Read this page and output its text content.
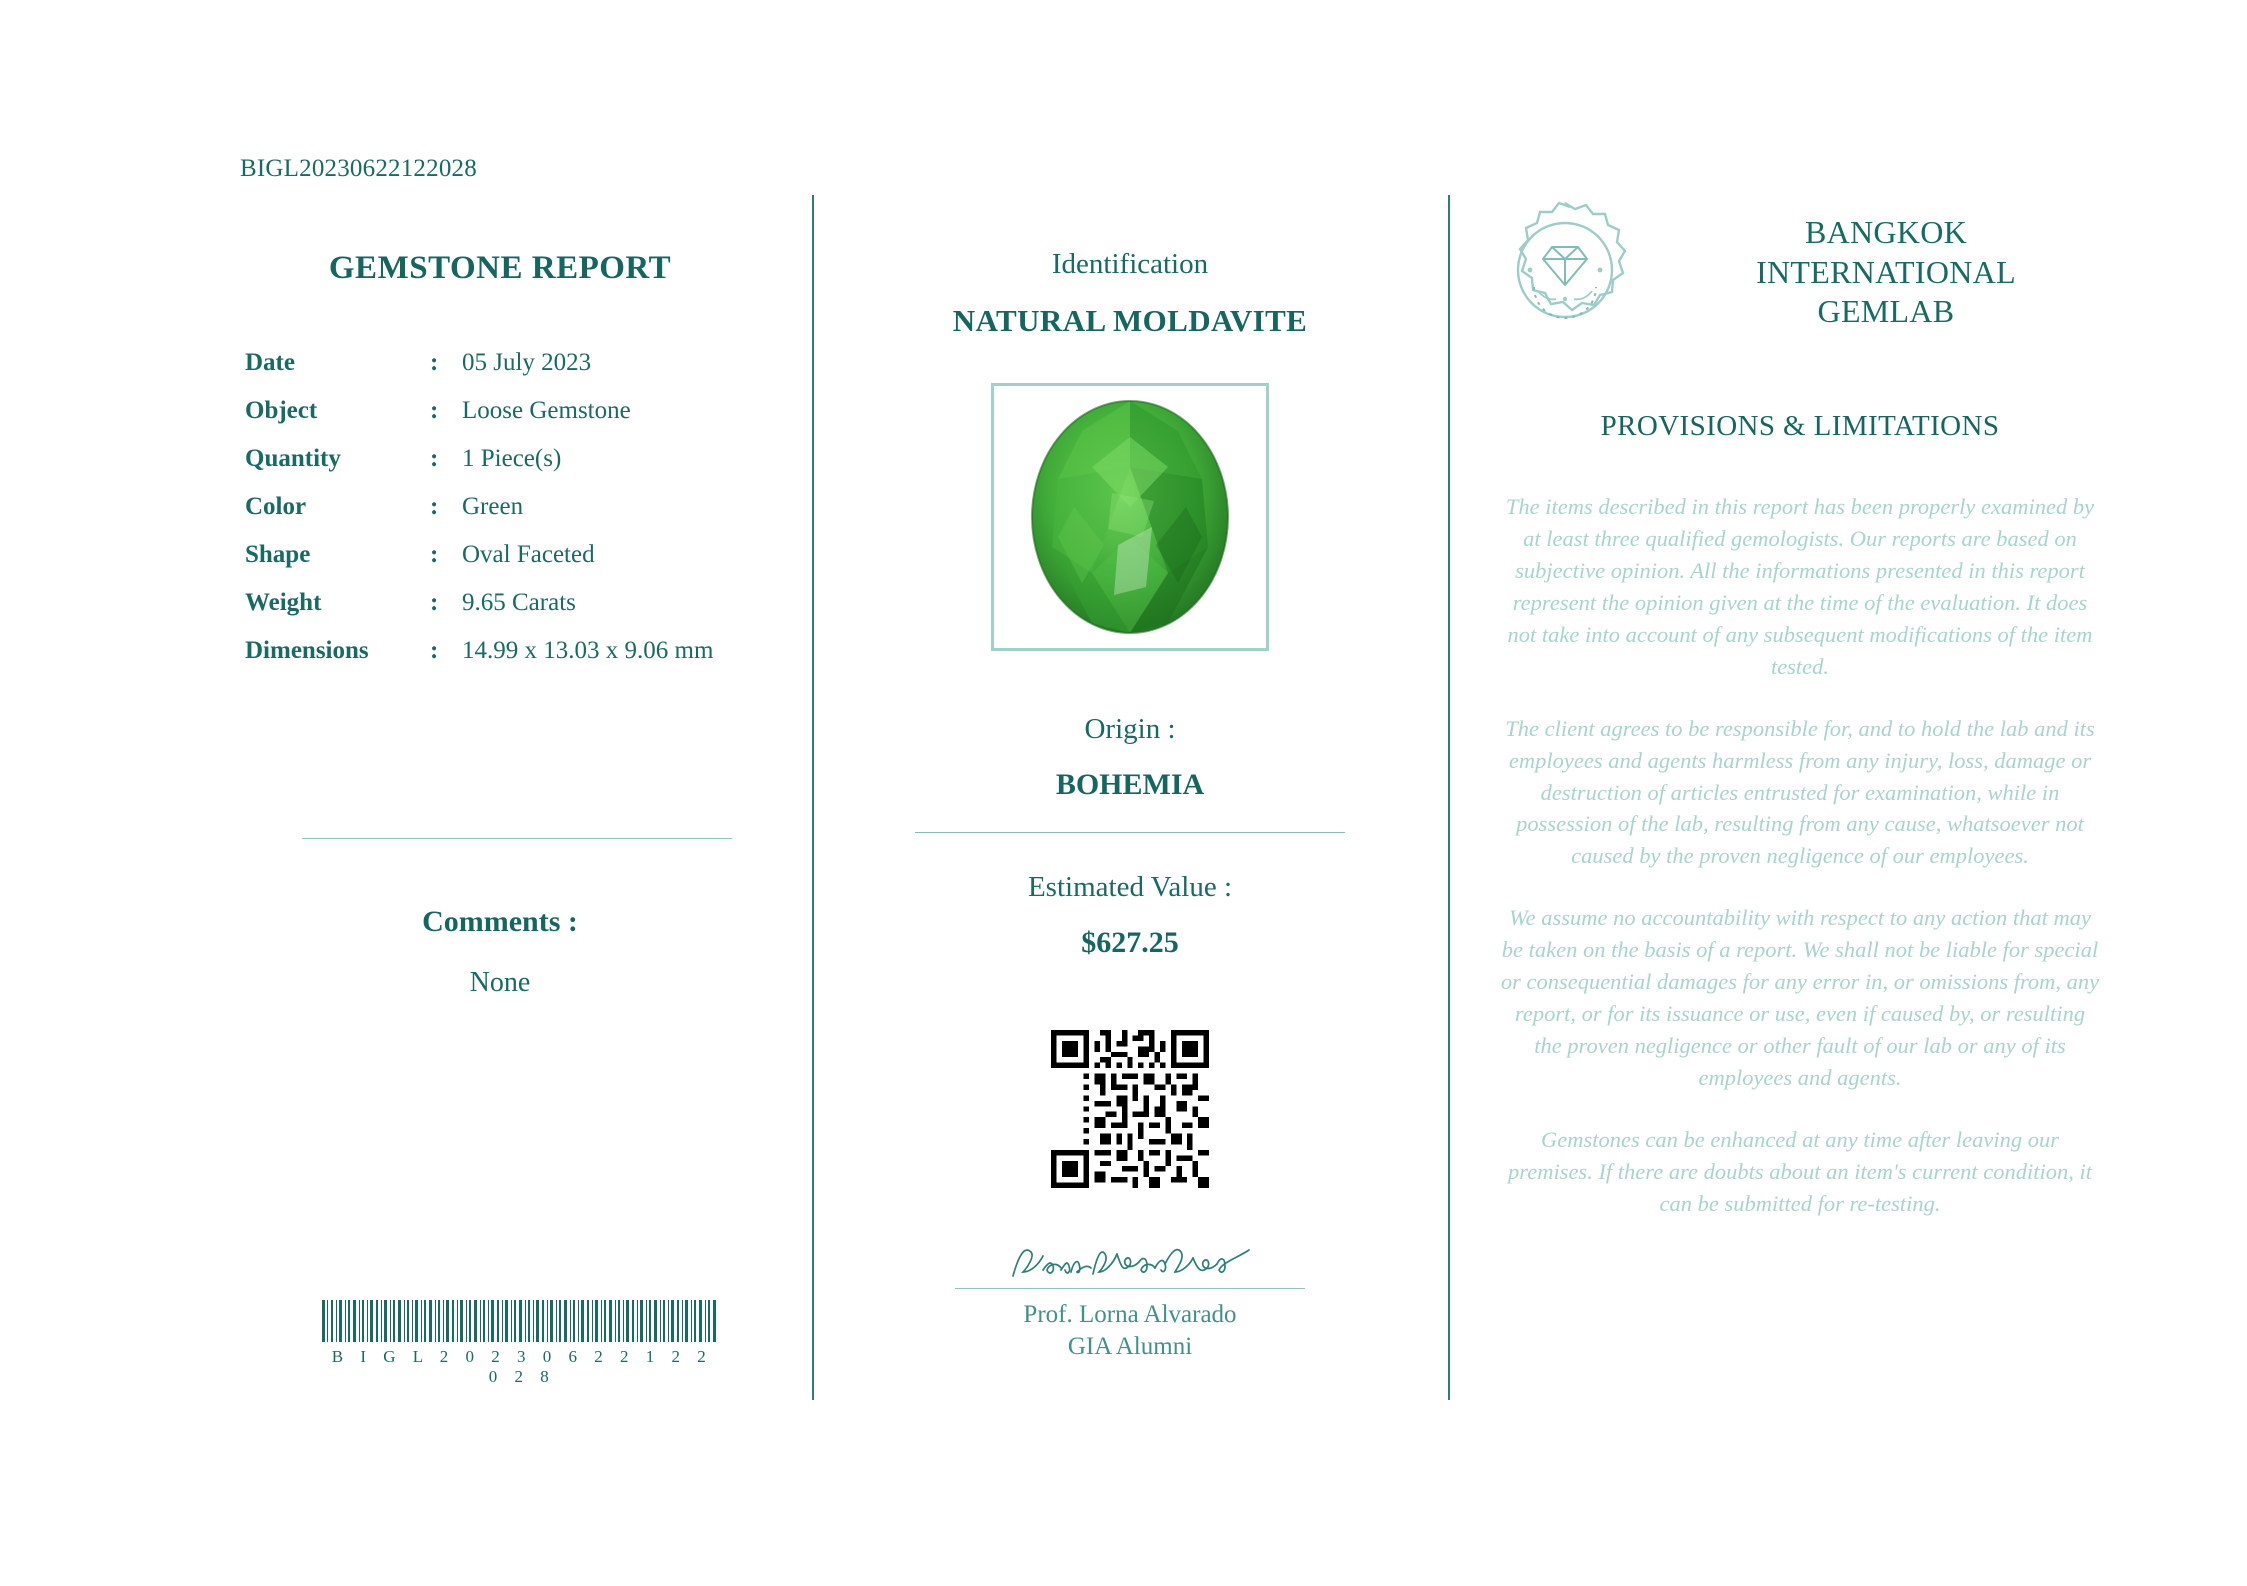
BIGL20230622122028
GEMSTONE REPORT
Date	:	05 July 2023
Object	:	Loose Gemstone
Quantity	:	1 Piece(s)
Color	:	Green
Shape	:	Oval Faceted
Weight	:	9.65 Carats
Dimensions	:	14.99 x 13.03 x 9.06 mm
Comments :
None
B I G L 2 0 2 3 0 6 2 2 1 2 2 0 2 8
Identification
NATURAL MOLDAVITE
Origin :
BOHEMIA
Estimated Value :
$627.25
Prof. Lorna Alvarado
GIA Alumni
BANGKOK
INTERNATIONAL
GEMLAB
PROVISIONS & LIMITATIONS

The items described in this report has been properly examined by at least three qualified gemologists. Our reports are based on subjective opinion. All the informations presented in this report represent the opinion given at the time of the evaluation. It does not take into account of any subsequent modifications of the item tested.

The client agrees to be responsible for, and to hold the lab and its employees and agents harmless from any injury, loss, damage or destruction of articles entrusted for examination, while in possession of the lab, resulting from any cause, whatsoever not caused by the proven negligence of our employees.

We assume no accountability with respect to any action that may be taken on the basis of a report. We shall not be liable for special or consequential damages for any error in, or omissions from, any report, or for its issuance or use, even if caused by, or resulting the proven negligence or other fault of our lab or any of its employees and agents.

Gemstones can be enhanced at any time after leaving our premises. If there are doubts about an item's current condition, it can be submitted for re-testing.
